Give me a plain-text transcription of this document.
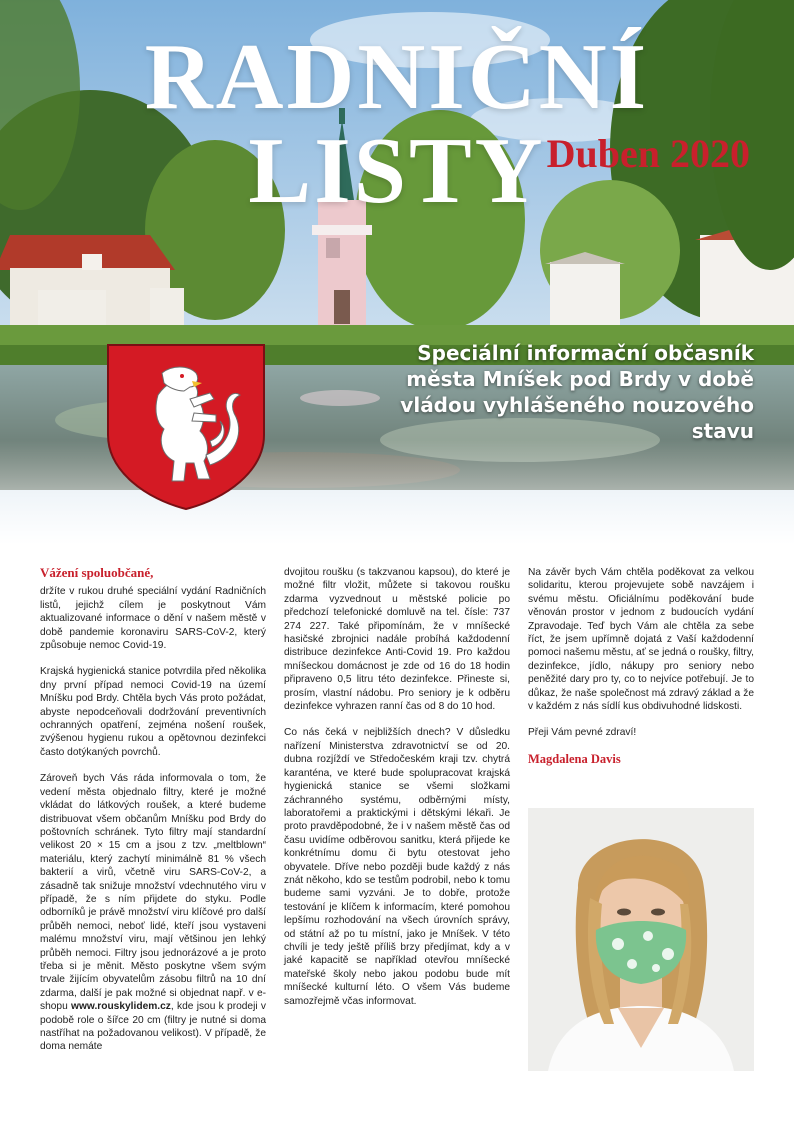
RADNIČNÍ LISTY Duben 2020

Speciální informační občasník města Mníšek pod Brdy v době vládou vyhlášeného nouzového stavu

Vážení spoluobčané,

držíte v rukou druhé speciální vydání Radničních listů, jejichž cílem je poskytnout Vám aktualizované informace o dění v našem městě v době pandemie koronaviru SARS-CoV-2, který způsobuje nemoc Covid-19.

Krajská hygienická stanice potvrdila před několika dny první případ nemoci Covid-19 na území Mníšku pod Brdy. Chtěla bych Vás proto požádat, abyste nepodceňovali dodržování preventivních ochranných opatření, zejména nošení roušek, zvýšenou hygienu rukou a opětovnou dezinfekci často dotýkaných povrchů.

Zároveň bych Vás ráda informovala o tom, že vedení města objednalo filtry, které je možné vkládat do látkových roušek, a které budeme distribuovat všem občanům Mníšku pod Brdy do poštovních schránek. Tyto filtry mají standardní velikost 20 × 15 cm a jsou z tzv. „meltblown“ materiálu, který zachytí minimálně 81 % všech bakterií a virů, včetně viru SARS-CoV-2, a zásadně tak snižuje množství vdechnutého viru v případě, že s ním přijdete do styku. Podle odborníků je právě množství viru klíčové pro další průběh nemoci, neboť lidé, kteří jsou vystaveni malému množství viru, mají většinou jen lehký průběh nemoci. Filtry jsou jednorázové a je proto třeba si je měnit. Město poskytne všem svým trvale žijícím obyvatelům zásobu filtrů na 10 dní zdarma, další je pak možné si objednat např. v e-shopu www.rouskylidem.cz, kde jsou k prodeji v podobě role o šířce 20 cm (filtry je nutné si doma nastříhat na požadovanou velikost). V případě, že doma nemáte

dvojitou roušku (s takzvanou kapsou), do které je možné filtr vložit, můžete si takovou roušku zdarma vyzvednout u městské policie po předchozí telefonické domluvě na tel. čísle: 737 274 227. Také připomínám, že v mníšecké hasičské zbrojnici nadále probíhá každodenní distribuce dezinfekce Anti-Covid 19. Pro každou mníšeckou domácnost je zde od 16 do 18 hodin připraveno 0,5 litru této dezinfekce. Přineste si, prosím, vlastní nádobu. Pro seniory je k odběru dezinfekce vyhrazen ranní čas od 8 do 10 hod.

Co nás čeká v nejbližších dnech? V důsledku nařízení Ministerstva zdravotnictví se od 20. dubna rozjíždí ve Středočeském kraji tzv. chytrá karanténa, ve které bude spolupracovat krajská hygienická stanice se všemi složkami záchranného systému, odběrnými místy, laboratořemi a praktickými i dětskými lékaři. Je proto pravděpodobné, že i v našem městě čas od času uvidíme odběrovou sanitku, která přijede ke konkrétnímu domu či bytu otestovat jeho obyvatele. Dříve nebo později bude každý z nás znát někoho, kdo se testům podrobil, nebo k tomu budeme sami vyzváni. Je to dobře, protože testování je klíčem k informacím, které pomohou lepšímu rozhodování na všech úrovních správy, od státní až po tu místní, jako je Mníšek. V této chvíli je tedy ještě příliš brzy předjímat, kdy a v jaké kapacitě se například otevřou mníšecké mateřské školy nebo jakou podobu bude mít mníšecké kulturní léto. O všem Vás budeme samozřejmě včas informovat.

Na závěr bych Vám chtěla poděkovat za velkou solidaritu, kterou projevujete sobě navzájem i svému městu. Oficiálnímu poděkování bude věnován prostor v jednom z budoucích vydání Zpravodaje. Teď bych Vám ale chtěla za sebe říct, že jsem upřímně dojatá z Vaší každodenní pomoci našemu městu, ať se jedná o roušky, filtry, dezinfekce, jídlo, nákupy pro seniory nebo peněžité dary pro ty, co to nejvíce potřebují. Je to důkaz, že naše společnost má zdravý základ a že v každém z nás sídlí kus obdivuhodné lidskosti.

Přeji Vám pevné zdraví!

Magdalena Davis
